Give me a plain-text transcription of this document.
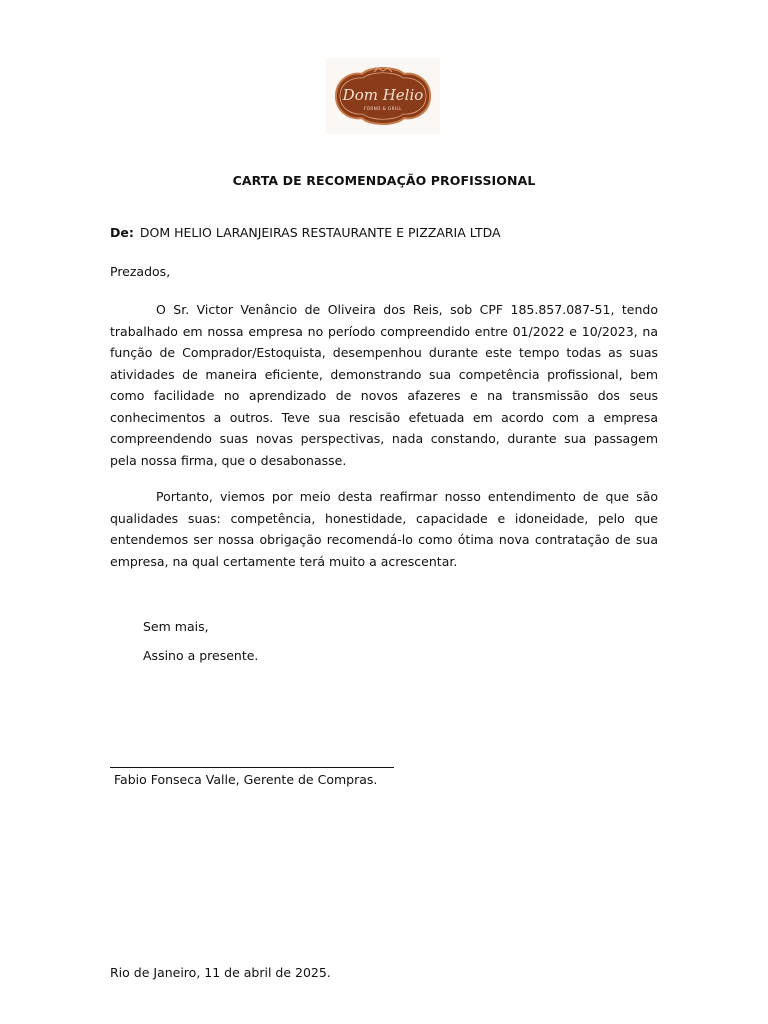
Dom Helio
FORNO & GRILL
CARTA DE RECOMENDAÇÃO PROFISSIONAL
De: DOM HELIO LARANJEIRAS RESTAURANTE E PIZZARIA LTDA
Prezados,

O Sr. Victor Venâncio de Oliveira dos Reis, sob CPF 185.857.087-51, tendo trabalhado em nossa empresa no período compreendido entre 01/2022 e 10/2023, na função de Comprador/Estoquista, desempenhou durante este tempo todas as suas atividades de maneira eficiente, demonstrando sua competência profissional, bem como facilidade no aprendizado de novos afazeres e na transmissão dos seus conhecimentos a outros. Teve sua rescisão efetuada em acordo com a empresa compreendendo suas novas perspectivas, nada constando, durante sua passagem pela nossa firma, que o desabonasse.

Portanto, viemos por meio desta reafirmar nosso entendimento de que são qualidades suas: competência, honestidade, capacidade e idoneidade, pelo que entendemos ser nossa obrigação recomendá-lo como ótima nova contratação de sua empresa, na qual certamente terá muito a acrescentar.

Sem mais,
Assino a presente.
Fabio Fonseca Valle, Gerente de Compras.
Rio de Janeiro, 11 de abril de 2025.
